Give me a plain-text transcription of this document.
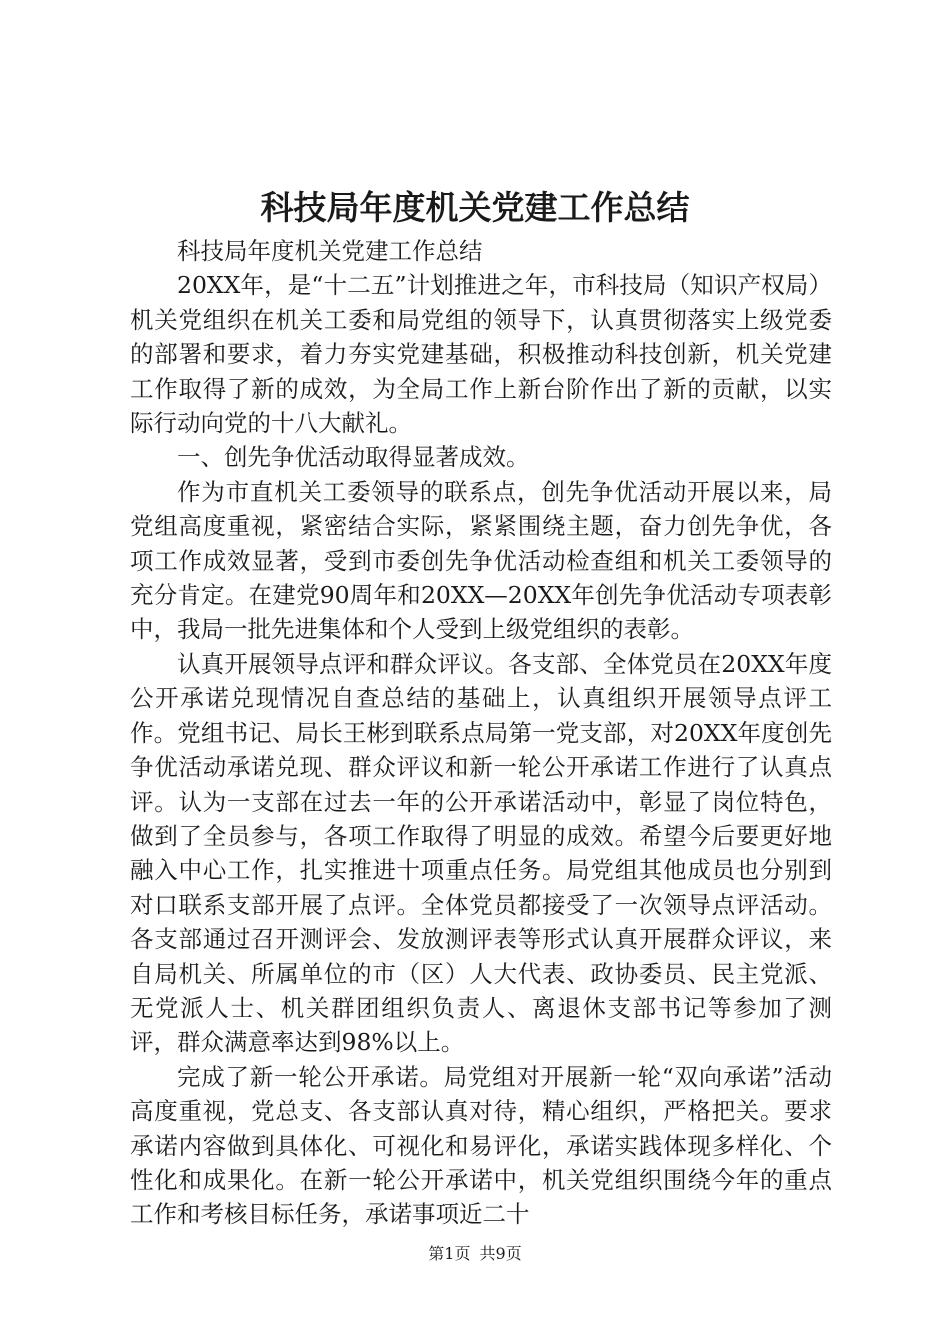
科技局年度机关党建工作总结

科技局年度机关党建工作总结

20XX年，是“十二五”计划推进之年，市科技局（知识产权局）机关党组织在机关工委和局党组的领导下，认真贯彻落实上级党委的部署和要求，着力夯实党建基础，积极推动科技创新，机关党建工作取得了新的成效，为全局工作上新台阶作出了新的贡献，以实际行动向党的十八大献礼。

一、创先争优活动取得显著成效。

作为市直机关工委领导的联系点，创先争优活动开展以来，局党组高度重视，紧密结合实际，紧紧围绕主题，奋力创先争优，各项工作成效显著，受到市委创先争优活动检查组和机关工委领导的充分肯定。在建党90周年和20XX—20XX年创先争优活动专项表彰中，我局一批先进集体和个人受到上级党组织的表彰。

认真开展领导点评和群众评议。各支部、全体党员在20XX年度公开承诺兑现情况自查总结的基础上，认真组织开展领导点评工作。党组书记、局长王彬到联系点局第一党支部，对20XX年度创先争优活动承诺兑现、群众评议和新一轮公开承诺工作进行了认真点评。认为一支部在过去一年的公开承诺活动中，彰显了岗位特色，做到了全员参与，各项工作取得了明显的成效。希望今后要更好地融入中心工作，扎实推进十项重点任务。局党组其他成员也分别到对口联系支部开展了点评。全体党员都接受了一次领导点评活动。各支部通过召开测评会、发放测评表等形式认真开展群众评议，来自局机关、所属单位的市（区）人大代表、政协委员、民主党派、无党派人士、机关群团组织负责人、离退休支部书记等参加了测评，群众满意率达到98%以上。

完成了新一轮公开承诺。局党组对开展新一轮“双向承诺”活动高度重视，党总支、各支部认真对待，精心组织，严格把关。要求承诺内容做到具体化、可视化和易评化，承诺实践体现多样化、个性化和成果化。在新一轮公开承诺中，机关党组织围绕今年的重点工作和考核目标任务，承诺事项近二十

第1页 共9页
